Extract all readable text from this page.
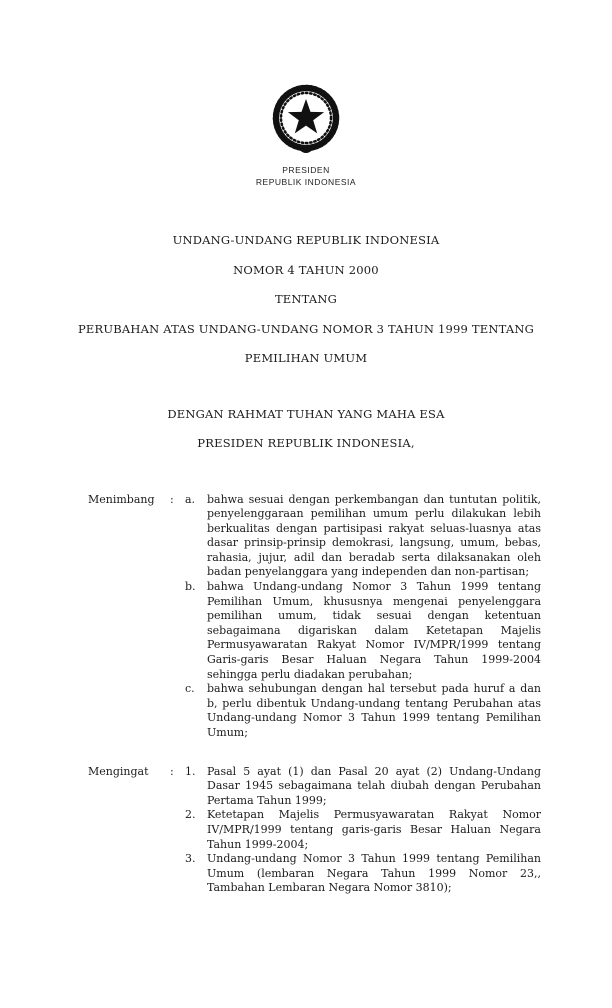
PRESIDEN
REPUBLIK INDONESIA
UNDANG-UNDANG REPUBLIK INDONESIA
NOMOR 4 TAHUN 2000
TENTANG
PERUBAHAN ATAS UNDANG-UNDANG NOMOR 3 TAHUN 1999 TENTANG
PEMILIHAN UMUM
DENGAN RAHMAT TUHAN YANG MAHA ESA
PRESIDEN REPUBLIK INDONESIA,
Menimbang	:	a.	bahwa sesuai dengan perkembangan dan tuntutan politik, penyelenggaraan pemilihan umum perlu dilakukan lebih berkualitas dengan partisipasi rakyat seluas-luasnya atas dasar prinsip-prinsip demokrasi, langsung, umum, bebas, rahasia, jujur, adil dan beradab serta dilaksanakan oleh badan penyelanggara yang independen dan non-partisan;
b.	bahwa Undang-undang Nomor 3 Tahun 1999 tentang Pemilihan Umum, khususnya mengenai penyelenggara pemilihan umum, tidak sesuai dengan ketentuan sebagaimana digariskan dalam Ketetapan Majelis Permusyawaratan Rakyat Nomor IV/MPR/1999 tentang Garis-garis Besar Haluan Negara Tahun 1999-2004 sehingga perlu diadakan perubahan;
c.	bahwa sehubungan dengan hal tersebut pada huruf a dan b, perlu dibentuk Undang-undang tentang Perubahan atas Undang-undang Nomor 3 Tahun 1999 tentang Pemilihan Umum;
Mengingat	:	1.	Pasal 5 ayat (1) dan Pasal 20 ayat (2) Undang-Undang Dasar 1945 sebagaimana telah diubah dengan Perubahan Pertama Tahun 1999;
2.	Ketetapan Majelis Permusyawaratan Rakyat Nomor IV/MPR/1999 tentang garis-garis Besar Haluan Negara Tahun 1999-2004;
3.	Undang-undang Nomor 3 Tahun 1999 tentang Pemilihan Umum (lembaran Negara Tahun 1999 Nomor 23,, Tambahan Lembaran Negara Nomor 3810);
